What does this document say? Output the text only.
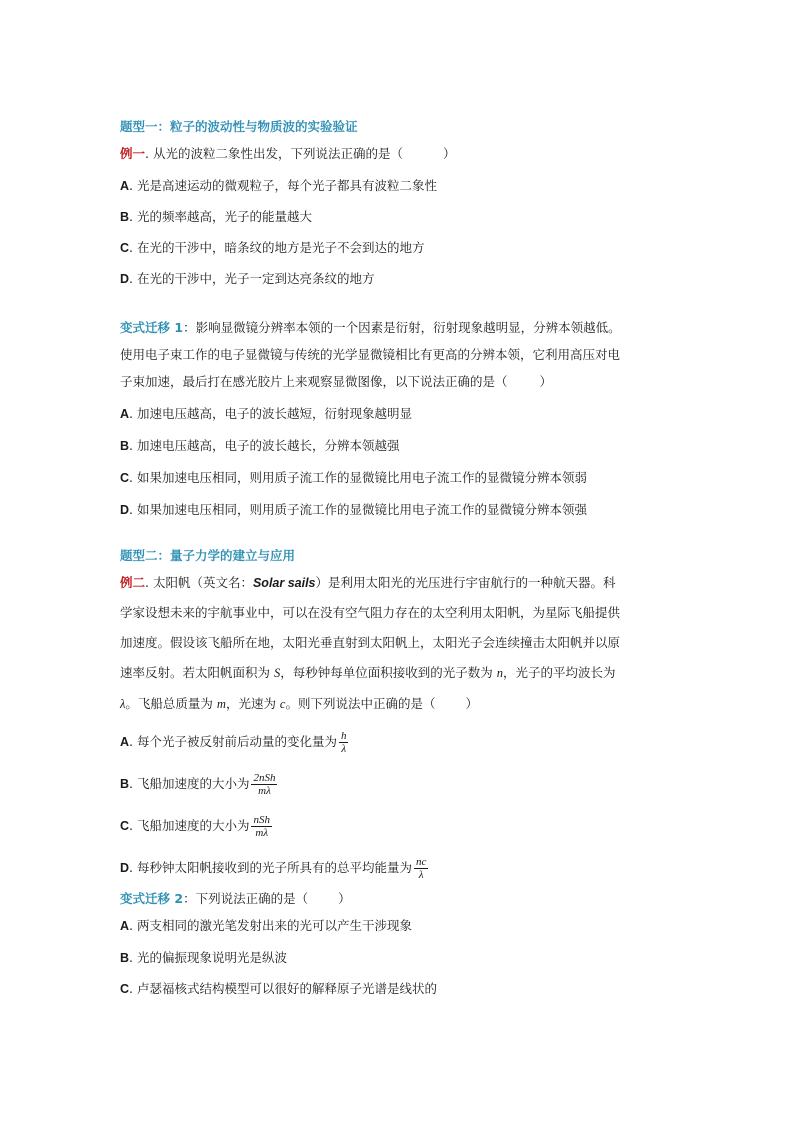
题型一：粒子的波动性与物质波的实验验证
例一. 从光的波粒二象性出发，下列说法正确的是（	）
A. 光是高速运动的微观粒子，每个光子都具有波粒二象性
B. 光的频率越高，光子的能量越大
C. 在光的干涉中，暗条纹的地方是光子不会到达的地方
D. 在光的干涉中，光子一定到达亮条纹的地方
变式迁移 1：影响显微镜分辨率本领的一个因素是衍射，衍射现象越明显，分辨本领越低。
使用电子束工作的电子显微镜与传统的光学显微镜相比有更高的分辨本领，它利用高压对电
子束加速，最后打在感光胶片上来观察显微图像，以下说法正确的是（	）
A. 加速电压越高，电子的波长越短，衍射现象越明显
B. 加速电压越高，电子的波长越长，分辨本领越强
C. 如果加速电压相同，则用质子流工作的显微镜比用电子流工作的显微镜分辨本领弱
D. 如果加速电压相同，则用质子流工作的显微镜比用电子流工作的显微镜分辨本领强
题型二：量子力学的建立与应用
例二. 太阳帆（英文名：Solar sails）是利用太阳光的光压进行宇宙航行的一种航天器。科
学家设想未来的宇航事业中，可以在没有空气阻力存在的太空利用太阳帆，为星际飞船提供
加速度。假设该飞船所在地，太阳光垂直射到太阳帆上，太阳光子会连续撞击太阳帆并以原
速率反射。若太阳帆面积为 S，每秒钟每单位面积接收到的光子数为 n，光子的平均波长为
λ。飞船总质量为 m，光速为 c。则下列说法中正确的是（ ）
A. 每个光子被反射前后动量的变化量为 $\frac{h}{\lambda}$
B. 飞船加速度的大小为 $\frac{\text{2nSh}}{m\lambda}$
C. 飞船加速度的大小为 $\frac{\text{nSh}}{m\lambda}$
D. 每秒钟太阳帆接收到的光子所具有的总平均能量为 $\frac{nc}{\lambda}$
变式迁移 2：下列说法正确的是（ ）
A. 两支相同的激光笔发射出来的光可以产生干涉现象
B. 光的偏振现象说明光是纵波
C. 卢瑟福核式结构模型可以很好的解释原子光谱是线状的
